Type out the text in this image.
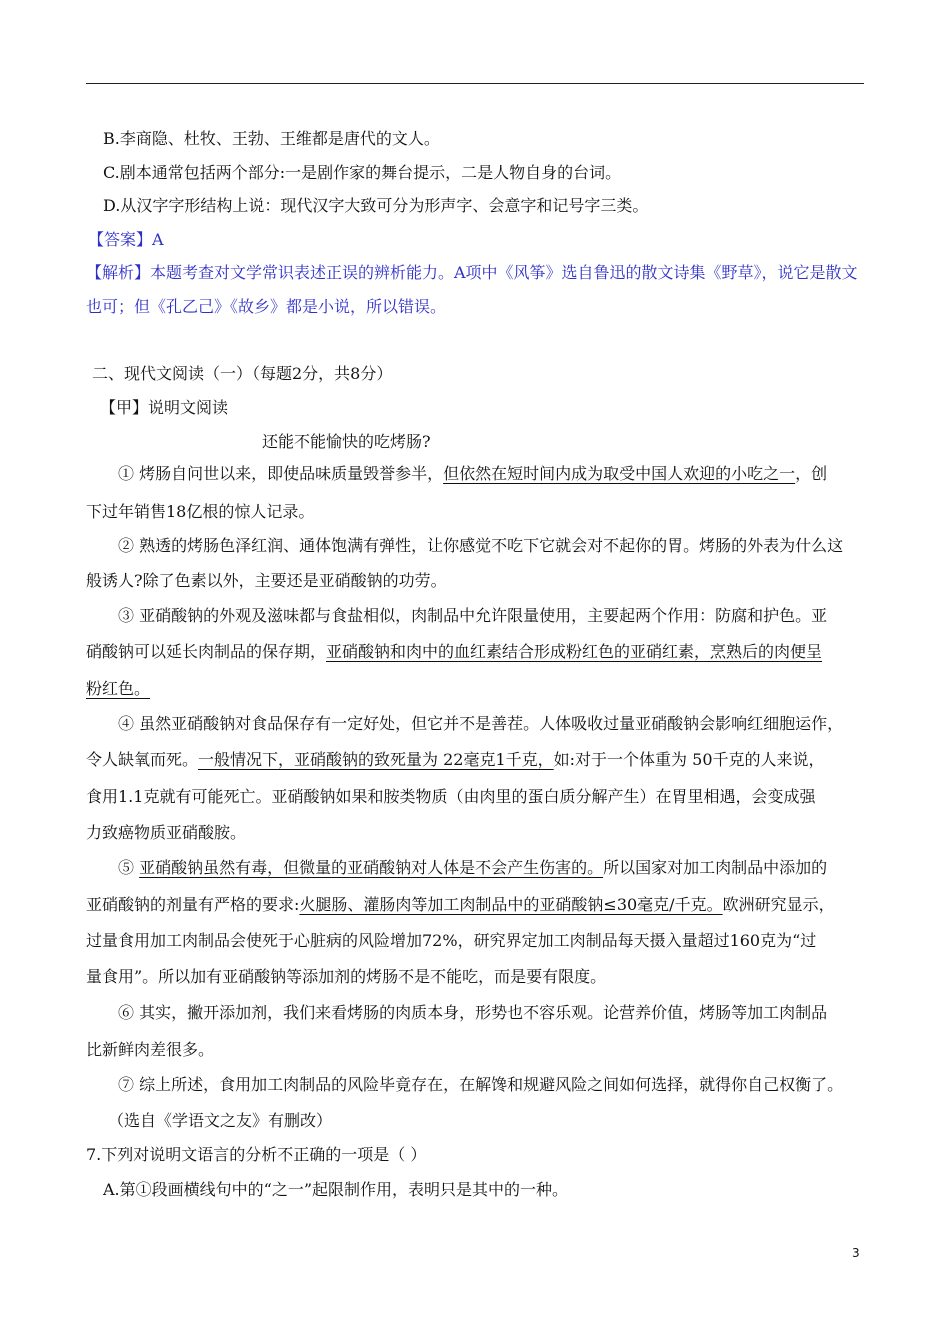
B.李商隐、杜牧、王勃、王维都是唐代的文人。
C.剧本通常包括两个部分:一是剧作家的舞台提示，二是人物自身的台词。
D.从汉字字形结构上说：现代汉字大致可分为形声字、会意字和记号字三类。
【答案】A
【解析】本题考查对文学常识表述正误的辨析能力。A项中《风筝》选自鲁迅的散文诗集《野草》，说它是散文
也可；但《孔乙己》《故乡》都是小说，所以错误。
二、现代文阅读（一）（每题2分，共8分）
【甲】说明文阅读
还能不能愉快的吃烤肠?
① 烤肠自问世以来，即使品味质量毁誉参半，但依然在短时间内成为取受中国人欢迎的小吃之一，创
下过年销售18亿根的惊人记录。
② 熟透的烤肠色泽红润、通体饱满有弹性，让你感觉不吃下它就会对不起你的胃。烤肠的外表为什么这
般诱人?除了色素以外，主要还是亚硝酸钠的功劳。
③ 亚硝酸钠的外观及滋味都与食盐相似，肉制品中允许限量使用，主要起两个作用：防腐和护色。亚
硝酸钠可以延长肉制品的保存期，亚硝酸钠和肉中的血红素结合形成粉红色的亚硝红素，烹熟后的肉便呈
粉红色。
④ 虽然亚硝酸钠对食品保存有一定好处，但它并不是善茬。人体吸收过量亚硝酸钠会影响红细胞运作，
令人缺氧而死。一般情况下，亚硝酸钠的致死量为 22毫克1千克，如:对于一个体重为 50千克的人来说，
食用1.1克就有可能死亡。亚硝酸钠如果和胺类物质（由肉里的蛋白质分解产生）在胃里相遇，会变成强
力致癌物质亚硝酸胺。
⑤ 亚硝酸钠虽然有毒，但微量的亚硝酸钠对人体是不会产生伤害的。所以国家对加工肉制品中添加的
亚硝酸钠的剂量有严格的要求:火腿肠、灌肠肉等加工肉制品中的亚硝酸钠≤30毫克/千克。欧洲研究显示，
过量食用加工肉制品会使死于心脏病的风险增加72%，研究界定加工肉制品每天摄入量超过160克为“过
量食用”。所以加有亚硝酸钠等添加剂的烤肠不是不能吃，而是要有限度。
⑥ 其实，撇开添加剂，我们来看烤肠的肉质本身，形势也不容乐观。论营养价值，烤肠等加工肉制品
比新鲜肉差很多。
⑦ 综上所述，食用加工肉制品的风险毕竟存在，在解馋和规避风险之间如何选择，就得你自己权衡了。
（选自《学语文之友》有删改）
7.下列对说明文语言的分析不正确的一项是（ ）
A.第①段画横线句中的“之一”起限制作用，表明只是其中的一种。
3
